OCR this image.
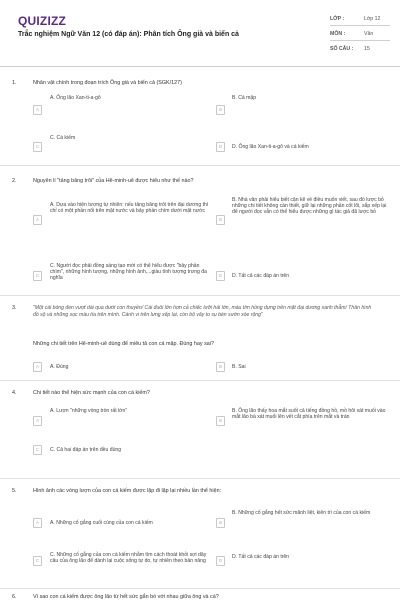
QUIZIZZ
Trắc nghiệm Ngữ Văn 12 (có đáp án): Phân tích Ông già và biển cả
LỚP :	Lớp 12
MÔN :	Văn
SỐ CÂU : 15
1.	Nhân vật chính trong đoạn trích Ông già và biển cả (SGK/127)
A
A. Ông lão Xan-ti-a-gô
B
B. Cá mập
C
C. Cá kiếm
D	D. Ông lão Xan-ti-a-gô và cá kiếm
2.	Nguyên lí "tảng băng trôi" của Hê-minh-uê được hiểu như thế nào?
A
A. Dựa vào hiện tượng tự nhiên: nếu tảng băng trôi trên đại dương thì chỉ có một phần nổi trên mặt nước và bảy phần chìm dưới mặt nước
B
B. Nhà văn phải hiểu biết cặn kẽ về điều muốn viết, sau đó lược bỏ những chi tiết không cần thiết, giữ lại những phần cốt lõi, sắp xếp lại để người đọc vẫn có thể hiểu được những gì tác giả đã lược bỏ
C
C. Người đọc phải đồng sáng tạo mới có thể hiểu được "bảy phần chìm", những hình tượng, những hình ảnh,...giàu tính tượng trưng đa nghĩa	D	D. Tất cả các đáp án trên
3.	"Một cái bóng đen vượt dài qua dưới con thuyền/ Cái đuôi lớn hơn cả chiếc lưỡi hái lớn, màu tím hồng dựng trên mặt đại dương xanh thẫm/ Thân hình đồ sộ và những sọc màu tía trên mình. Cánh vi trên lưng xếp lại, còn bộ vây to sụ bèn sườn xòe rộng"
Những chi tiết trên Hê-minh-uê dùng để miêu tả con cá mập. Đúng hay sai?
A	A. Đúng	B	B. Sai
4.	Chi tiết nào thể hiện sức mạnh của con cá kiếm?
A
A. Lượn "những vòng tròn rất lớn"
B
B. Ông lão thấy hoa mắt suốt cả tiếng đồng hồ, mồ hôi xát muối vào mắt lão bà xát muối lên vết cắt phía trên mắt và trán
C	C. Cả hai đáp án trên đều đúng
5.	Hình ảnh các vòng lượn của con cá kiếm được lặp đi lặp lại nhiều lần thể hiện:
A	A. Những cố gắng cuối cùng của con cá kiếm	B
B. Những cố gắng hết sức mãnh liệt, kiên trì của con cá kiếm
C
C. Những cố gắng của con cá kiếm nhằm tìm cách thoát khỏi sợi dây câu của ông lão để dành lại cuộc sống tự do, tự nhiên theo bản năng	D
D. Tất cả các đáp án trên
6.	Vì sao con cá kiếm được ông lão từ hết sức gắn bó với nhau giữa ông và cá?
